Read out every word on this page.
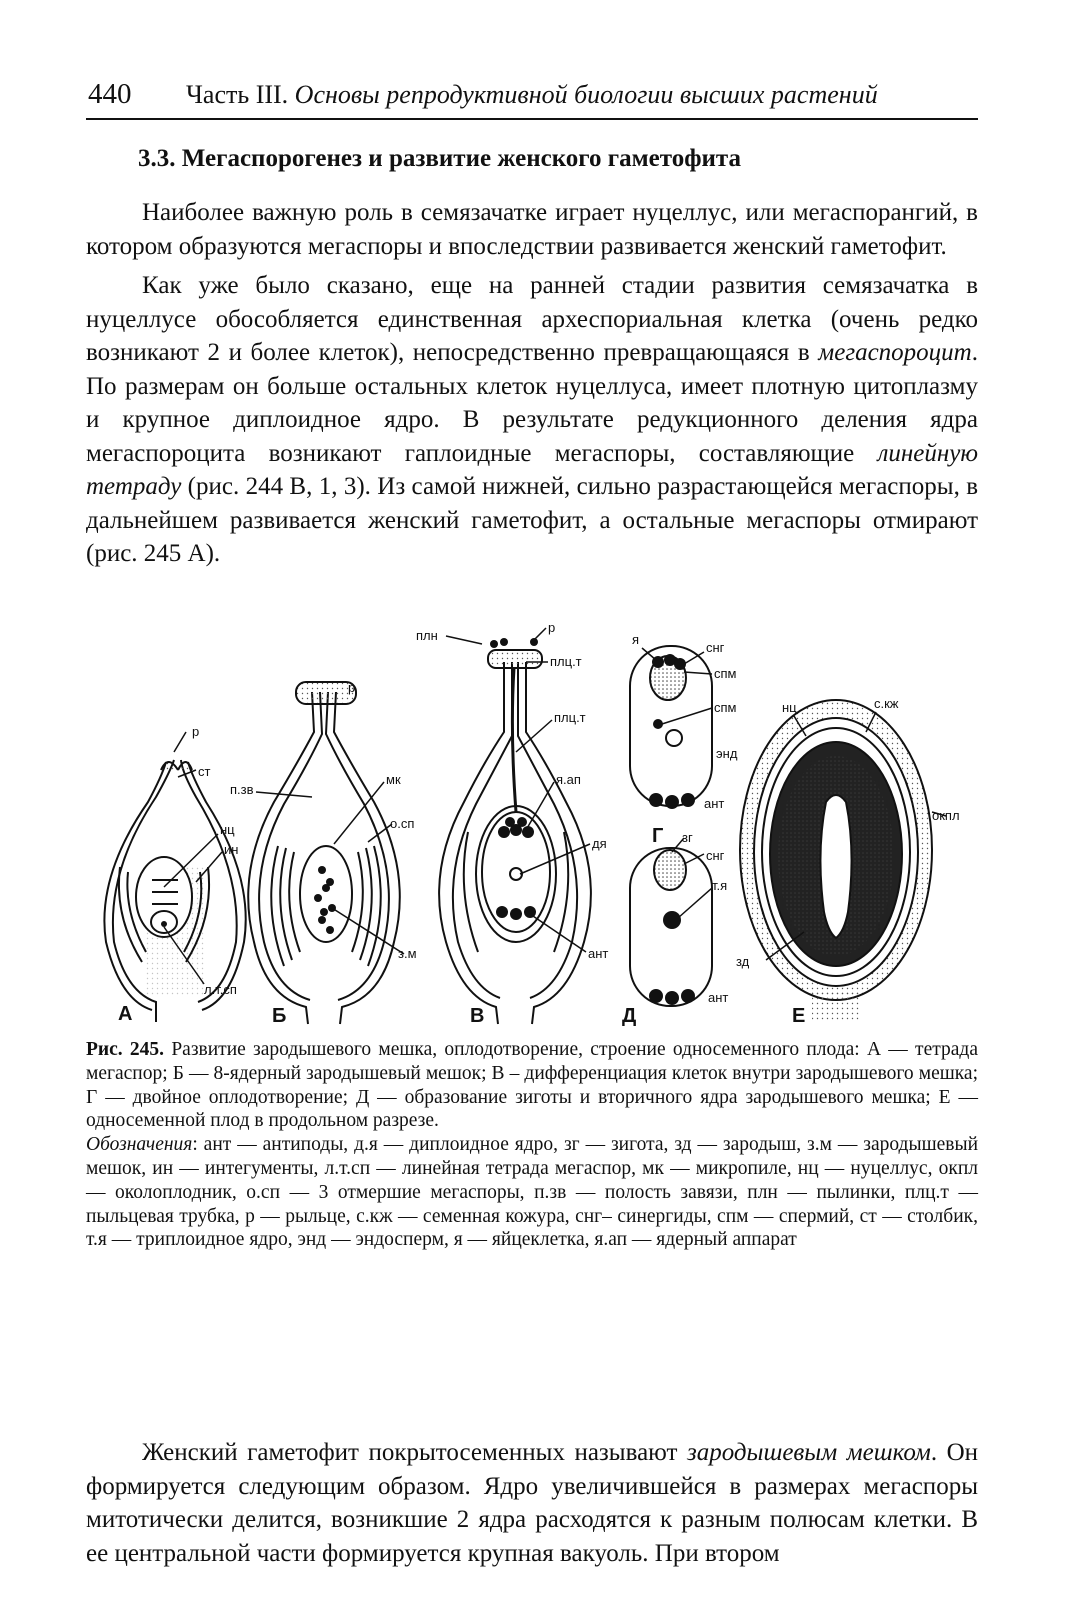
440 Часть III. Основы репродуктивной биологии высших растений
3.3. Мегаспорогенез и развитие женского гаметофита

Наиболее важную роль в семязачатке играет нуцеллус, или мегаспорангий, в котором образуются мегаспоры и впоследствии развивается женский гаметофит.

Как уже было сказано, еще на ранней стадии развития семязачатка в нуцеллусе обособляется единственная археспориальная клетка (очень редко возникают 2 и более клеток), непосредственно превращающаяся в мегаспороцит. По размерам он больше остальных клеток нуцеллуса, имеет плотную цитоплазму и крупное диплоидное ядро. В результате редукционного деления ядра мегаспороцита возникают гаплоидные мегаспоры, составляющие линейную тетраду (рис. 244 В, 1, 3). Из самой нижней, сильно разрастающейся мегаспоры, в дальнейшем развивается женский гаметофит, а остальные мегаспоры отмирают (рис. 245 А).

р
ст
нц
ин
л.т.сп
А
п.зв
мк
о.сп
з.м
р
Б
плн
р
плц.т
плц.т
я.ап
дя
ант
В
я
снг
спм
спм
энд
ант
Г зг
снг
т.я
ант
Д
нц	с.кж
окпл
зд
Е
Рис. 245. Развитие зародышевого мешка, оплодотворение, строение односеменного плода: А — тетрада мегаспор; Б — 8-ядерный зародышевый мешок; В – дифференциация клеток внутри зародышевого мешка; Г — двойное оплодотворение; Д — образование зиготы и вторичного ядра зародышевого мешка; Е — односеменной плод в продольном разрезе.
Обозначения: ант — антиподы, д.я — диплоидное ядро, зг — зигота, зд — зародыш, з.м — зародышевый мешок, ин — интегументы, л.т.сп — линейная тетрада мегаспор, мк — микропиле, нц — нуцеллус, окпл — околоплодник, о.сп — 3 отмершие мегаспоры, п.зв — полость завязи, плн — пылинки, плц.т — пыльцевая трубка, р — рыльце, с.кж — семенная кожура, снг– синергиды, спм — спермий, ст — столбик, т.я — триплоидное ядро, энд — эндосперм, я — яйцеклетка, я.ап — ядерный аппарат

Женский гаметофит покрытосеменных называют зародышевым мешком. Он формируется следующим образом. Ядро увеличившейся в размерах мегаспоры митотически делится, возникшие 2 ядра расходятся к разным полюсам клетки. В ее центральной части формируется крупная вакуоль. При втором
